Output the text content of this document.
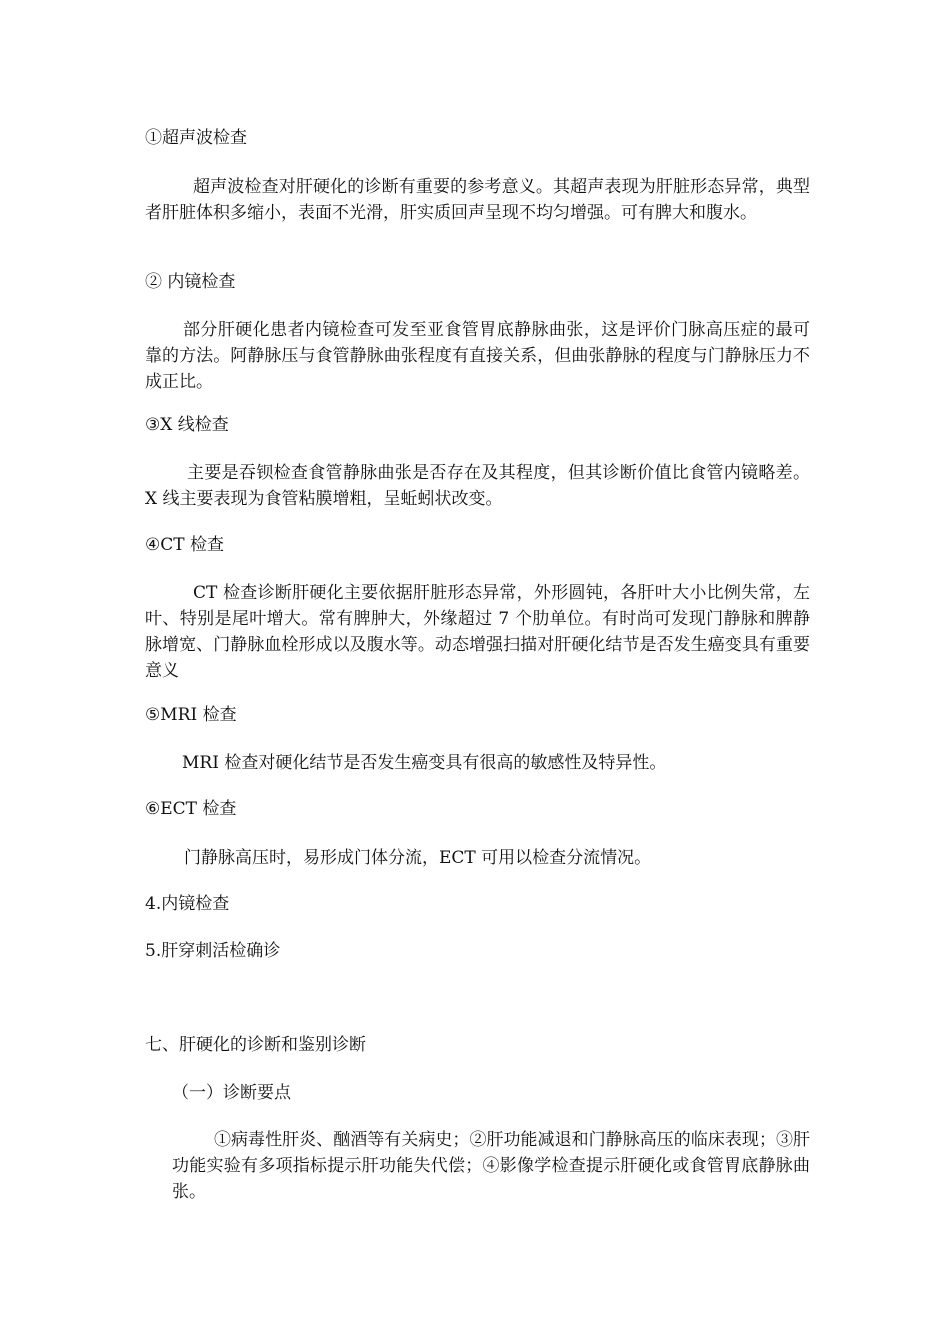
①超声波检查
超声波检查对肝硬化的诊断有重要的参考意义。其超声表现为肝脏形态异常，典型者肝脏体积多缩小，表面不光滑，肝实质回声呈现不均匀增强。可有脾大和腹水。
② 内镜检查
部分肝硬化患者内镜检查可发至亚食管胃底静脉曲张，这是评价门脉高压症的最可靠的方法。阿静脉压与食管静脉曲张程度有直接关系，但曲张静脉的程度与门静脉压力不成正比。
③X 线检查
主要是吞钡检查食管静脉曲张是否存在及其程度，但其诊断价值比食管内镜略差。X 线主要表现为食管粘膜增粗，呈蚯蚓状改变。
④CT 检查
CT 检查诊断肝硬化主要依据肝脏形态异常，外形圆钝，各肝叶大小比例失常，左叶、特别是尾叶增大。常有脾肿大，外缘超过 7 个肋单位。有时尚可发现门静脉和脾静脉增宽、门静脉血栓形成以及腹水等。动态增强扫描对肝硬化结节是否发生癌变具有重要意义
⑤MRI 检查
MRI 检查对硬化结节是否发生癌变具有很高的敏感性及特异性。
⑥ECT 检查
门静脉高压时，易形成门体分流，ECT 可用以检查分流情况。
4.内镜检查
5.肝穿刺活检确诊
七、肝硬化的诊断和鉴别诊断
（一）诊断要点
①病毒性肝炎、酗酒等有关病史；②肝功能减退和门静脉高压的临床表现；③肝功能实验有多项指标提示肝功能失代偿；④影像学检查提示肝硬化或食管胃底静脉曲张。
